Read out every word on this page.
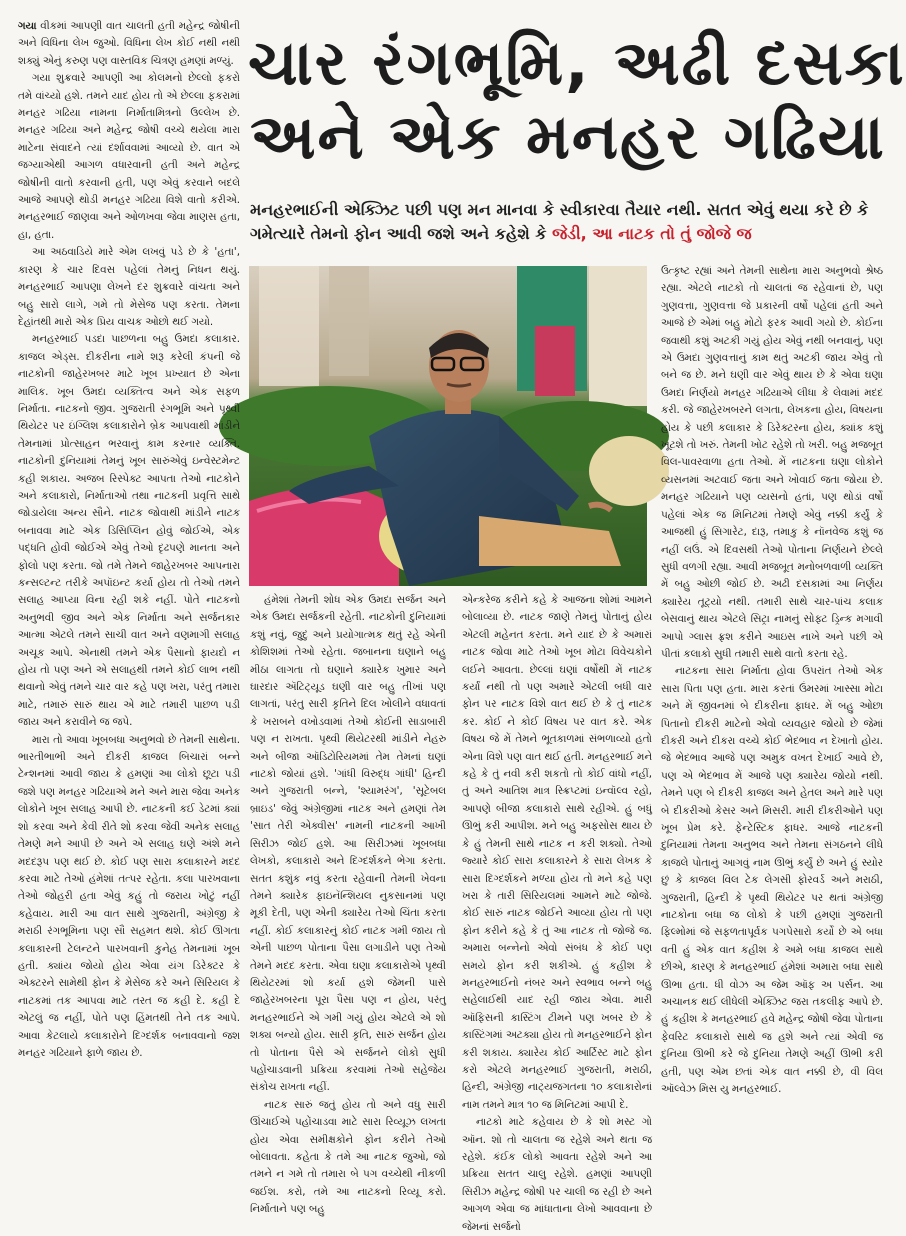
ચાર રંગભૂમિ, અઢી દસકા
અને એક મનહર ગઢિયા
મનહરભાઈની એક્ઝિટ પછી પણ મન માનવા કે સ્વીકારવા તૈયાર નથી. સતત એવું થયા કરે છે કે ગમેત્યારે તેમનો ફોન આવી જશે અને કહેશે કે જેડી, આ નાટક તો તું જોજે જ

ગયા વીકમાં આપણી વાત ચાલતી હતી મહેન્દ્ર જોષીની અને વિધિના લેખ જુઓ. વિધિના લેખ કોઈ નથી નથી શક્યું એનું કરુણ પણ વાસ્તવિક ચિત્રણ હમણાં મળ્યું.

ગયા શુક્રવારે આપણી આ કોલમનો છેલ્લો ફકરો તમે વાંચ્યો હશે. તમને યાદ હોય તો એ છેલ્લા ફકરામાં મનહર ગઢિયા નામના નિર્માતામિત્રનો ઉલ્લેખ છે. મનહર ગઢિયા અને મહેન્દ્ર જોષી વચ્ચે થયેલા મારા માટેના સંવાદને ત્યાં દર્શાવવામાં આવ્યો છે. વાત એ જગ્યાએથી આગળ વધારવાની હતી અને મહેન્દ્ર જોષીની વાતો કરવાની હતી, પણ એવું કરવાને બદલે આજે આપણે થોડી મનહર ગઢિયા વિશે વાતો કરીએ. મનહરભાઈ જાણવા અને ઓળખવા જેવા માણસ હતા, હા, હતા.

આ અઠવાડિયે મારે એમ લખવું પડે છે કે 'હતા', કારણ કે ચાર દિવસ પહેલાં તેમનું નિધન થયું. મનહરભાઈ આપણા લેખને દર શુક્રવારે વાંચતા અને બહુ સારો લાગે, ગમે તો મેસેજ પણ કરતા. તેમના દેહાંતથી મારો એક પ્રિય વાચક ઓછો થઈ ગયો.

મનહરભાઈ પડદા પાછળના બહુ ઉમદા કલાકાર. કાજલ એડ્સ. દીકરીના નામે શરૂ કરેલી કંપની જે નાટકોની જાહેરખબર માટે ખૂબ પ્રખ્યાત છે એના માલિક. ખૂબ ઉમદા વ્યક્તિત્વ અને એક સફળ નિર્માતા. નાટકનો જીવ. ગુજરાતી રંગભૂમિ અને પૃથ્વી થિયેટર પર ઇંગ્લિશ કલાકારોને બ્રેક આપવાથી માંડીને તેમનામાં પ્રોત્સાહન ભરવાનું કામ કરનાર વ્યક્તિ. નાટકોની દુનિયામાં તેમનું ખૂબ સારુંએવું ઇન્વેસ્ટમેન્ટ કહી શકાય. અજબ રિસ્પેક્ટ આપતા તેઓ નાટકોને અને કલાકારો, નિર્માતાઓ તથા નાટકની પ્રવૃત્તિ સાથે જોડાયેલા અન્ય સૌને. નાટક જોવાથી માંડીને નાટક બનાવવા માટે એક ડિસિપ્લિન હોવું જોઈએ, એક પદ્ધતિ હોવી જોઈએ એવું તેઓ દૃઢપણે માનતા અને ફોલો પણ કરતા. જો તમે તેમને જાહેરખબર આપનારા કન્સલ્ટન્ટ તરીકે અપૉઇન્ટ કર્યા હોય તો તેઓ તમને સલાહ આપ્યા વિના રહી શકે નહીં. પોતે નાટકનો અનુભવી જીવ અને એક નિર્માતા અને સર્જનકાર આત્મા એટલે તમને સાચી વાત અને વણમાગી સલાહ અચૂક આપે. એનાથી તમને એક પૈસાનો ફાયદો ન હોય તો પણ અને એ સલાહથી તમને કોઈ લાભ નથી થવાનો એવું તમને ચાર વાર કહે પણ ખરા, પરંતુ તમારા માટે, તમારું સારું થાય એ માટે તમારી પાછળ પડી જાય અને કરાવીને જ જપે.

મારા તો આવા ખૂબબધા અનુભવો છે તેમની સાથેના. ભારતીભાભી અને દીકરી કાજલ બિચારાં બન્ને ટેન્શનમાં આવી જાય કે હમણાં આ લોકો છૂટા પડી જશે પણ મનહર ગઢિયાએ મને અને મારા જેવા અનેક લોકોને ખૂબ સલાહ આપી છે. નાટકની કઈ ડેટમાં ક્યાં શો કરવા અને કેવી રીતે શો કરવા જેવી અનેક સલાહ તેમણે મને આપી છે અને એ સલાહ ઘણે અંશે મને મદદરૂપ પણ થઈ છે. કોઈ પણ સારા કલાકારને મદદ કરવા માટે તેઓ હંમેશાં તત્પર રહેતા. કલા પારખવાના તેઓ જોહરી હતા એવું કહું તો જરાય ખોટું નહીં કહેવાય. મારી આ વાત સાથે ગુજરાતી, અંગ્રેજી કે મરાઠી રંગભૂમિના પણ સૌ સહમત થશે. કોઈ ઊગતા કલાકારની ટેલન્ટને પારખવાની કુનેહ તેમનામાં ખૂબ હતી. ક્યાંય જોયો હોય એવા યંગ ડિરેક્ટર કે એક્ટરને સામેથી ફોન કે મેસેજ કરે અને સિરિયલ કે નાટકમાં તક આપવા માટે તરત જ કહી દે. કહી દે એટલું જ નહીં, પોતે પણ હિંમતથી તેને તક આપે. આવા કેટલાયે કલાકારોને દિગ્દર્શક બનાવવાનો જશ મનહર ગઢિયાને ફાળે જાય છે.

હંમેશાં તેમની શોધ એક ઉમદા સર્જન અને એક ઉમદા સર્જકની રહેતી. નાટકોની દુનિયામાં કશું નવું, જુદું અને પ્રયોગાત્મક થતું રહે એની કોશિશમાં તેઓ રહેતા. જબાનના ઘણાને બહુ મીઠા લાગતા તો ઘણાને ક્યારેક ખુમાર અને ઘારદાર ઍટિટ્યૂડ ઘણી વાર બહુ તીખાં પણ લાગતાં, પરંતુ સારી કૃતિને દિલ ખોલીને વધાવતાં કે ખરાબને વખોડવામાં તેઓ કોઈની સાડાબારી પણ ન રાખતા. પૃથ્વી થિયેટરથી માંડીને નેહરુ અને બીજા ઑડિટોરિયમમાં તેમ તેમનાં ઘણાં નાટકો જોયાં હશે. 'ગાંધી વિરુદ્ધ ગાંધી' હિન્દી અને ગુજરાતી બન્ને, 'શ્યામરંગ', 'સૂટેબલ બ્રાઇડ' જેવું અંગ્રેજીમાં નાટક અને હમણાં તેમ 'સાત તેરી એક્વીસ' નામની નાટકની આખી સિરીઝ જોઈ હશે. આ સિરીઝમાં ખૂબબધા લેખકો, કલાકારો અને દિગ્દર્શકને ભેગા કરતા. સતત કશુંક નવું કરતા રહેવાની તેમની ખેવના તેમને ક્યારેક ફાઇનૅન્શિયલ નુકસાનમાં પણ મૂકી દેતી, પણ એની ક્યારેય તેઓ ચિંતા કરતા નહીં. કોઈ કલાકારનું કોઈ નાટક ગમી જાય તો એની પાછળ પોતાના પૈસા લગાડીને પણ તેઓ તેમને મદદ કરતા. એવા ઘણા કલાકારોએ પૃથ્વી થિયેટરમાં શો કર્યા હશે જેમની પાસે જાહેરખબરના પૂરા પૈસા પણ ન હોય, પરંતુ મનહરભાઈને એ ગમી ગયું હોય એટલે એ શો શક્ય બન્યો હોય. સારી કૃતિ, સારું સર્જન હોય તો પોતાના પૈસે એ સર્જનને લોકો સુધી પહોંચાડવાની પ્રક્રિયા કરવામાં તેઓ સહેજેય સંકોચ રાખતા નહીં.

નાટક સારું જતું હોય તો અને વધુ સારી ઊંચાઈએ પહોંચાડવા માટે સારા રિવ્યૂઝ લખતા હોય એવા સમીક્ષકોને ફોન કરીને તેઓ બોલાવતા. કહેતા કે તમે આ નાટક જુઓ, જો તમને ન ગમે તો તમારા બે પગ વચ્ચેથી નીકળી જઈશ. કરો, તમે આ નાટકનો રિવ્યૂ કરો. નિર્માતાને પણ બહુ

એન્કરેજ કરીને કહે કે આજના શોમાં આમને બોલાવ્યા છે. નાટક જાણે તેમનું પોતાનું હોય એટલી મહેનત કરતા. મને યાદ છે કે અમારાં નાટક જોવા માટે તેઓ ખૂબ મોટા વિવેચકોને લઈને આવતા. છેલ્લાં ઘણાં વર્ષોથી મેં નાટક કર્યાં નથી તો પણ અમારે એટલી બધી વાર ફોન પર નાટક વિશે વાત થઈ છે કે તું નાટક કર. કોઈ ને કોઈ વિષય પર વાત કરે. એક વિષય જે મેં તેમને ભૂતકાળમાં સંભળાવ્યો હતો એના વિશે પણ વાત થઈ હતી. મનહરભાઈ મને કહે કે તું નવી કરી શકતો તો કોઈ વાંધો નહીં, તું અને આતિશ માત્ર સ્ક્રિપ્ટમાં ઇન્વૉલ્વ રહો, આપણે બીજા કલાકારો સાથે રહીએ. હું બધું ઊભું કરી આપીશ. મને બહુ અફસોસ થાય છે કે હું તેમની સાથે નાટક ન કરી શક્યો. તેઓ જ્યારે કોઈ સારા કલાકારને કે સારા લેખક કે સારા દિગ્દર્શકને મળ્યા હોય તો મને કહે પણ ખરા કે તારી સિરિયલમાં આમને માટે જોજે. કોઈ સારું નાટક જોઈને આવ્યા હોય તો પણ ફોન કરીને કહે કે તું આ નાટક તો જોજે જ. અમારા બન્નેનો એવો સંબંધ કે કોઈ પણ સમયે ફોન કરી શકીએ. હું કહીશ કે મનહરભાઈનો નંબર અને સ્વભાવ બન્ને બહુ સહેલાઈથી યાદ રહી જાય એવા. મારી ઑફિસની કાસ્ટિંગ ટીમને પણ ખબર છે કે કાસ્ટિંગમાં અટક્યા હોય તો મનહરભાઈને ફોન કરી શકાય. ક્યારેય કોઈ આર્ટિસ્ટ માટે ફોન કરો એટલે મનહરભાઈ ગુજરાતી, મરાઠી, હિન્દી, અંગ્રેજી નાટ્યજગતના ૧૦ કલાકારોનાં નામ તમને માત્ર ૧૦ જ મિનિટમાં આપી દે.

નાટકો માટે કહેવાય છે કે શો મસ્ટ ગો ઑન. શો તો ચાલતા જ રહેશે અને થતા જ રહેશે. કંઈક લોકો આવતા રહેશે અને આ પ્રક્રિયા સતત ચાલુ રહેશે. હમણાં આપણી સિરીઝ મહેન્દ્ર જોષી પર ચાલી જ રહી છે અને આગળ એવા જ માંધાતાના લેખો આવવાના છે જેમનાં સર્જનો

ઉત્કૃષ્ટ રહ્યાં અને તેમની સાથેના મારા અનુભવો શ્રેષ્ઠ રહ્યા. એટલે નાટકો તો ચાલતાં જ રહેવાનાં છે, પણ ગુણવત્તા, ગુણવત્તા જે પ્રકારની વર્ષો પહેલાં હતી અને આજે છે એમાં બહુ મોટો ફરક આવી ગયો છે. કોઈના જવાથી કશું અટકી ગયું હોય એવું નથી બનવાનું, પણ એ ઉમદા ગુણવત્તાનું કામ થતું અટકી જાય એવું તો બને જ છે. મને ઘણી વાર એવું થાય છે કે એવા ઘણા ઉમદા નિર્ણયો મનહર ગઢિયાએ લીધા કે લેવામાં મદદ કરી. જે જાહેરખબરને લગતા, લેખકના હોય, વિષયના હોય કે પછી કલાકાર કે ડિરેક્ટરના હોય, ક્યાંક કશું ખૂટશે તો ખરું. તેમની ખોટ રહેશે તો ખરી. બહુ મજબૂત વિલ-પાવરવાળા હતા તેઓ. મેં નાટકના ઘણા લોકોને વ્યસનમાં અટવાઈ જતા અને ખોવાઈ જતા જોયા છે. મનહર ગઢિયાને પણ વ્યસનો હતાં, પણ થોડાં વર્ષો પહેલાં એક જ મિનિટમાં તેમણે એવું નક્કી કર્યું કે આજથી હું સિગારેટ, દારૂ, તમાકુ કે નૉનવેજ કશું જ નહીં લઉં. એ દિવસથી તેઓ પોતાના નિર્ણયને છેલ્લે સુધી વળગી રહ્યા. આવી મજબૂત મનોબળવાળી વ્યક્તિ મેં બહુ ઓછી જોઈ છે. અઢી દસકામાં આ નિર્ણય ક્યારેય તૂટ્યો નથી. તમારી સાથે ચાર-પાંચ કલાક બેસવાનું થાય એટલે સિટ્રા નામનું સોફ્ટ ડ્રિન્ક મગાવી આપો ગ્લાસ ફ્રશ કરીને આઇસ નાખે અને પછી એ પીતાં કલાકો સુધી તમારી સાથે વાતો કરતા રહે.

નાટકના સારા નિર્માતા હોવા ઉપરાંત તેઓ એક સારા પિતા પણ હતા. મારા કરતાં ઉંમરમાં ખાસ્સા મોટા અને મેં જીવનમાં બે દીકરીના ફાધર. મેં બહુ ઓછા પિતાનો દીકરી માટેનો એવો વ્યવહાર જોયો છે જેમાં દીકરી અને દીકરા વચ્ચે કોઈ ભેદભાવ ન દેખાતો હોય. જે ભેદભાવ આજે પણ અમુક વખત દેખાઈ આવે છે, પણ એ ભેદભાવ મેં આજે પણ ક્યારેય જોયો નથી. તેમને પણ બે દીકરી કાજલ અને હેતલ અને મારે પણ બે દીકરીઓ કેસર અને મિસરી. મારી દીકરીઓને પણ ખૂબ પ્રેમ કરે. ફેન્ટેસ્ટિક ફાધર. આજે નાટકની દુનિયામાં તેમના અનુભવ અને તેમના સંગઠનને લીધે કાજલે પોતાનું આગવું નામ ઊભું કર્યું છે અને હું સ્યોર છું કે કાજલ વિલ ટેક લેગસી ફોરવર્ડ અને મરાઠી, ગુજરાતી, હિન્દી કે પૃથ્વી થિયેટર પર થતાં અંગ્રેજી નાટકોના બધા જ લોકો કે પછી હમણાં ગુજરાતી ફિલ્મોમાં જે સફળતાપૂર્વક પગપેસારો કર્યો છે એ બધા વતી હું એક વાત કહીશ કે અમે બધા કાજલ સાથે છીએ, કારણ કે મનહરભાઈ હંમેશાં અમારા બધા સાથે ઊભા હતા. ધી વોઝ અ જેમ ઑફ અ પર્સન. આ અચાનક થઈ લીધેલી એક્ઝિટ જરા તકલીફ આપે છે. હું કહીશ કે મનહરભાઈ હવે મહેન્દ્ર જોષી જેવા પોતાના ફેવરિટ કલાકારો સાથે જ હશે અને ત્યાં એવી જ દુનિયા ઊભી કરે જે દુનિયા તેમણે અહીં ઊભી કરી હતી, પણ એમ છતાં એક વાત નક્કી છે, વી વિલ ઑલ્વેઝ મિસ યુ મનહરભાઈ.
